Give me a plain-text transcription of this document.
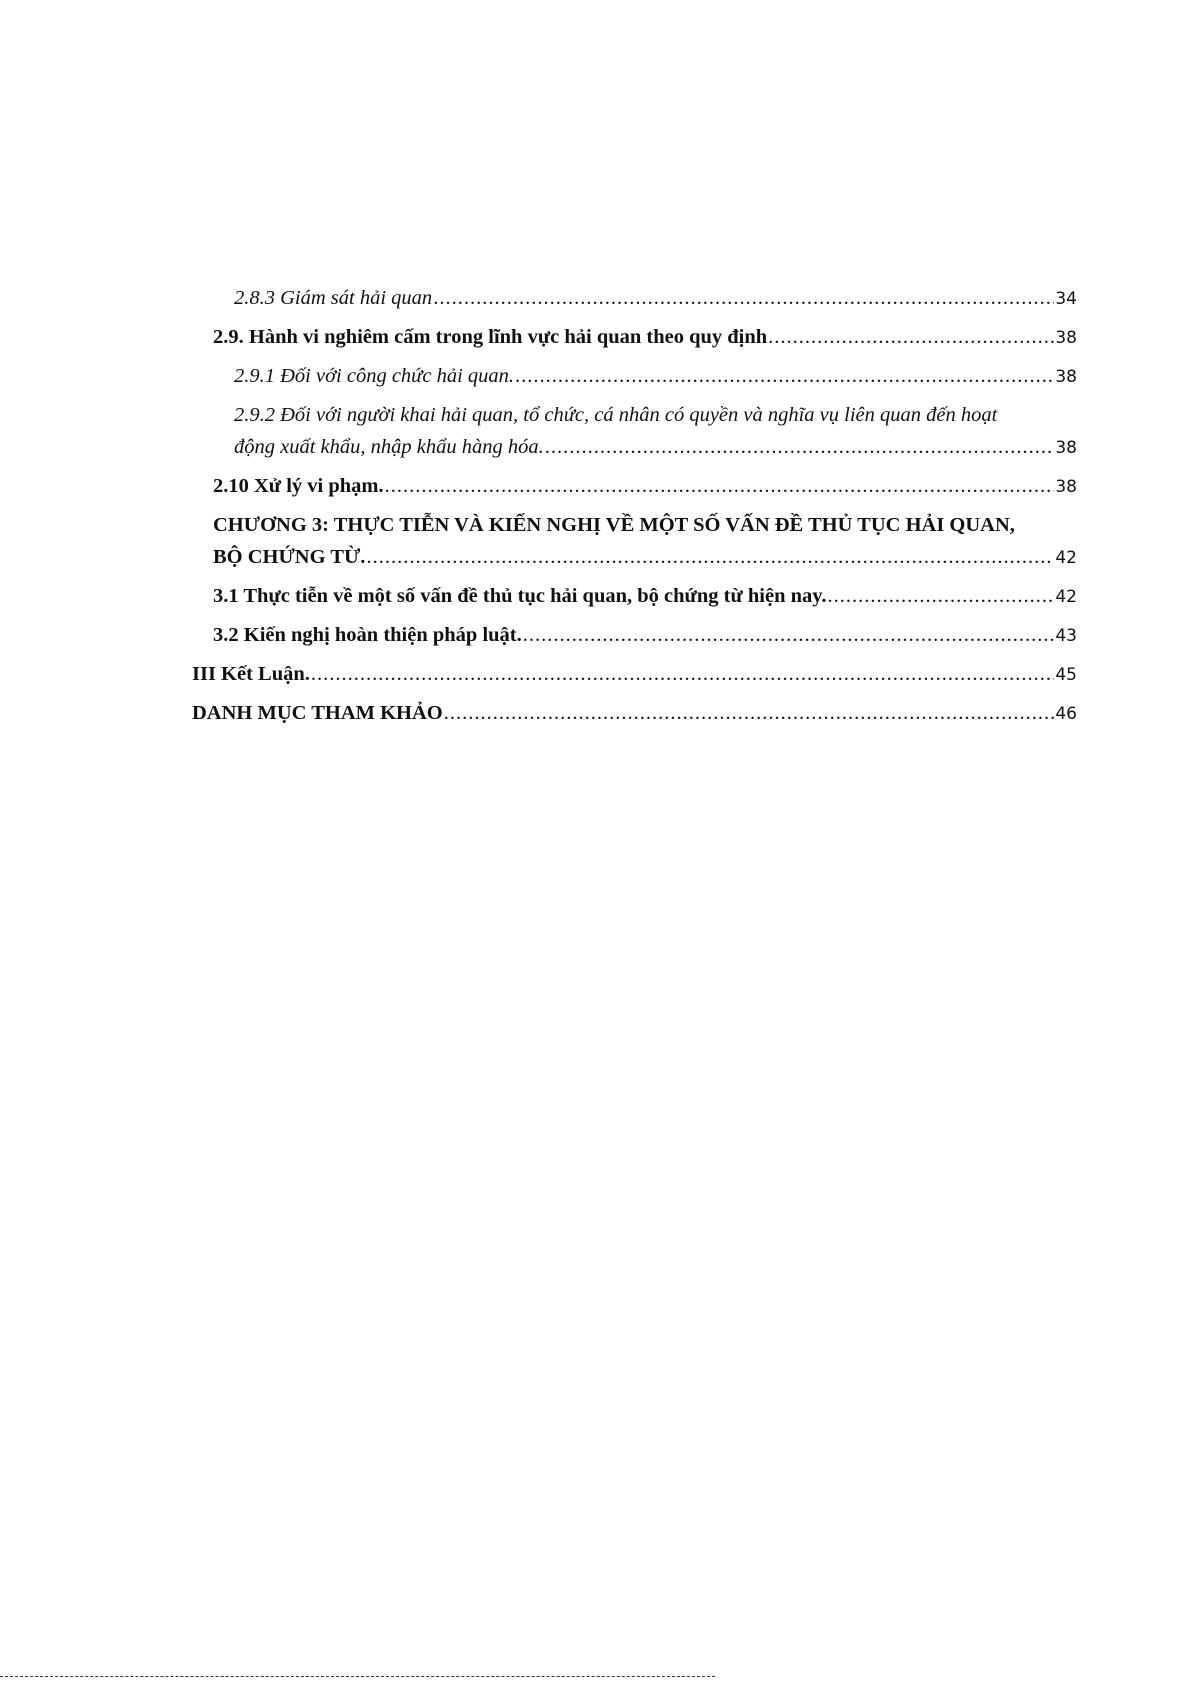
2.8.3 Giám sát hải quan .....	34
2.9. Hành vi nghiêm cấm trong lĩnh vực hải quan theo quy định .....	38
2.9.1 Đối với công chức hải quan. .....	38
2.9.2 Đối với người khai hải quan, tổ chức, cá nhân có quyền và nghĩa vụ liên quan đến hoạt
động xuất khẩu, nhập khẩu hàng hóa. .....	38
2.10 Xử lý vi phạm. .....	38
CHƯƠNG 3: THỰC TIỄN VÀ KIẾN NGHỊ VỀ MỘT SỐ VẤN ĐỀ THỦ TỤC HẢI QUAN,
BỘ CHỨNG TỪ. .....	42
3.1 Thực tiễn về một số vấn đề thủ tục hải quan, bộ chứng từ hiện nay. .....	42
3.2 Kiến nghị hoàn thiện pháp luật. .....	43
III Kết Luận. .....	45
DANH MỤC THAM KHẢO .....	46
